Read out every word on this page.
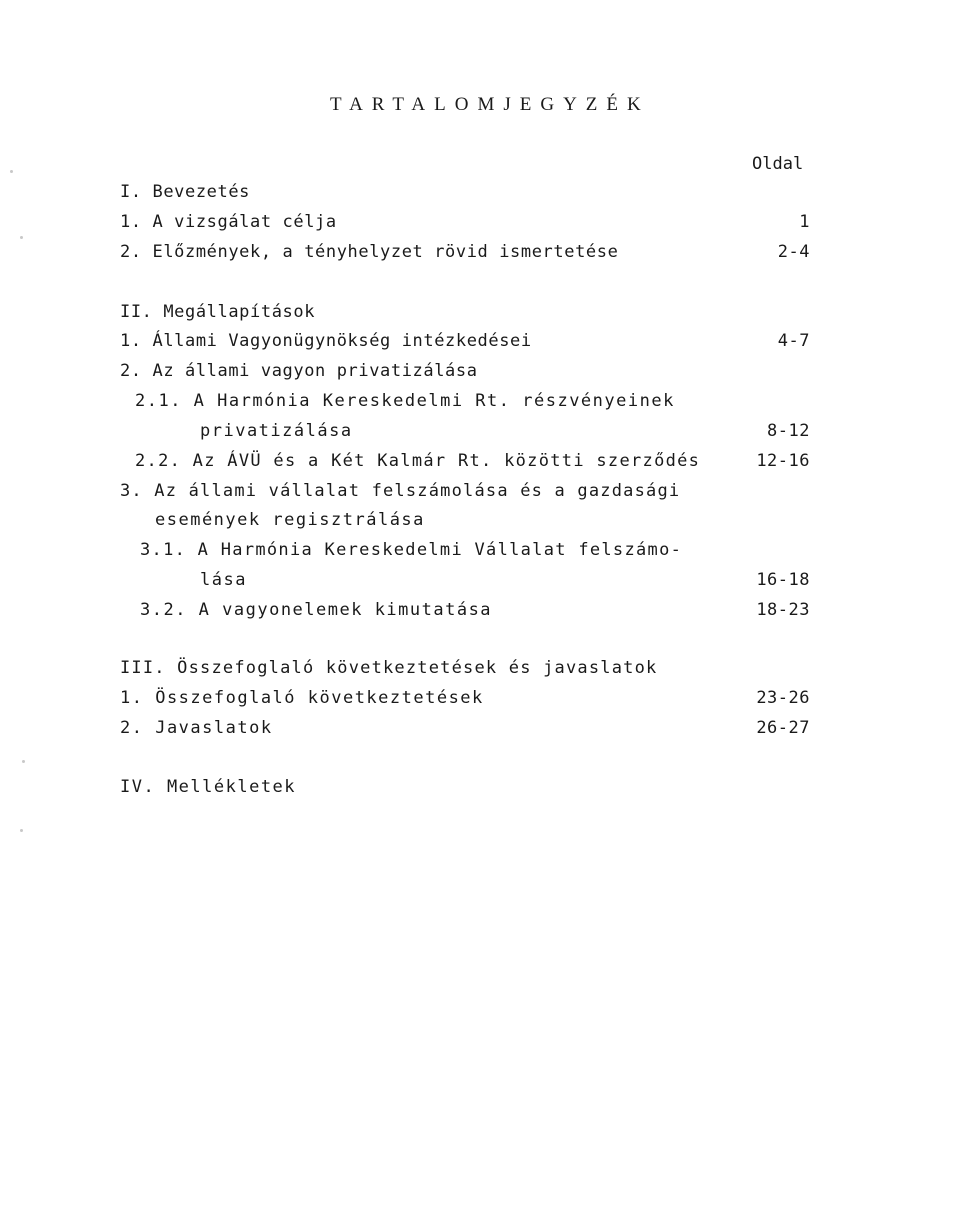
TARTALOMJEGYZÉK
Oldal
I. Bevezetés
1. A vizsgálat célja	1
2. Előzmények, a tényhelyzet rövid ismertetése	2-4
II. Megállapítások
1. Állami Vagyonügynökség intézkedései	4-7
2. Az állami vagyon privatizálása
2.1. A Harmónia Kereskedelmi Rt. részvényeinek
privatizálása	8-12
2.2. Az ÁVÜ és a Két Kalmár Rt. közötti szerződés	12-16
3. Az állami vállalat felszámolása és a gazdasági
események regisztrálása
3.1. A Harmónia Kereskedelmi Vállalat felszámo-
lása	16-18
3.2. A vagyonelemek kimutatása	18-23
III. Összefoglaló következtetések és javaslatok
1. Összefoglaló következtetések	23-26
2. Javaslatok	26-27
IV. Mellékletek
